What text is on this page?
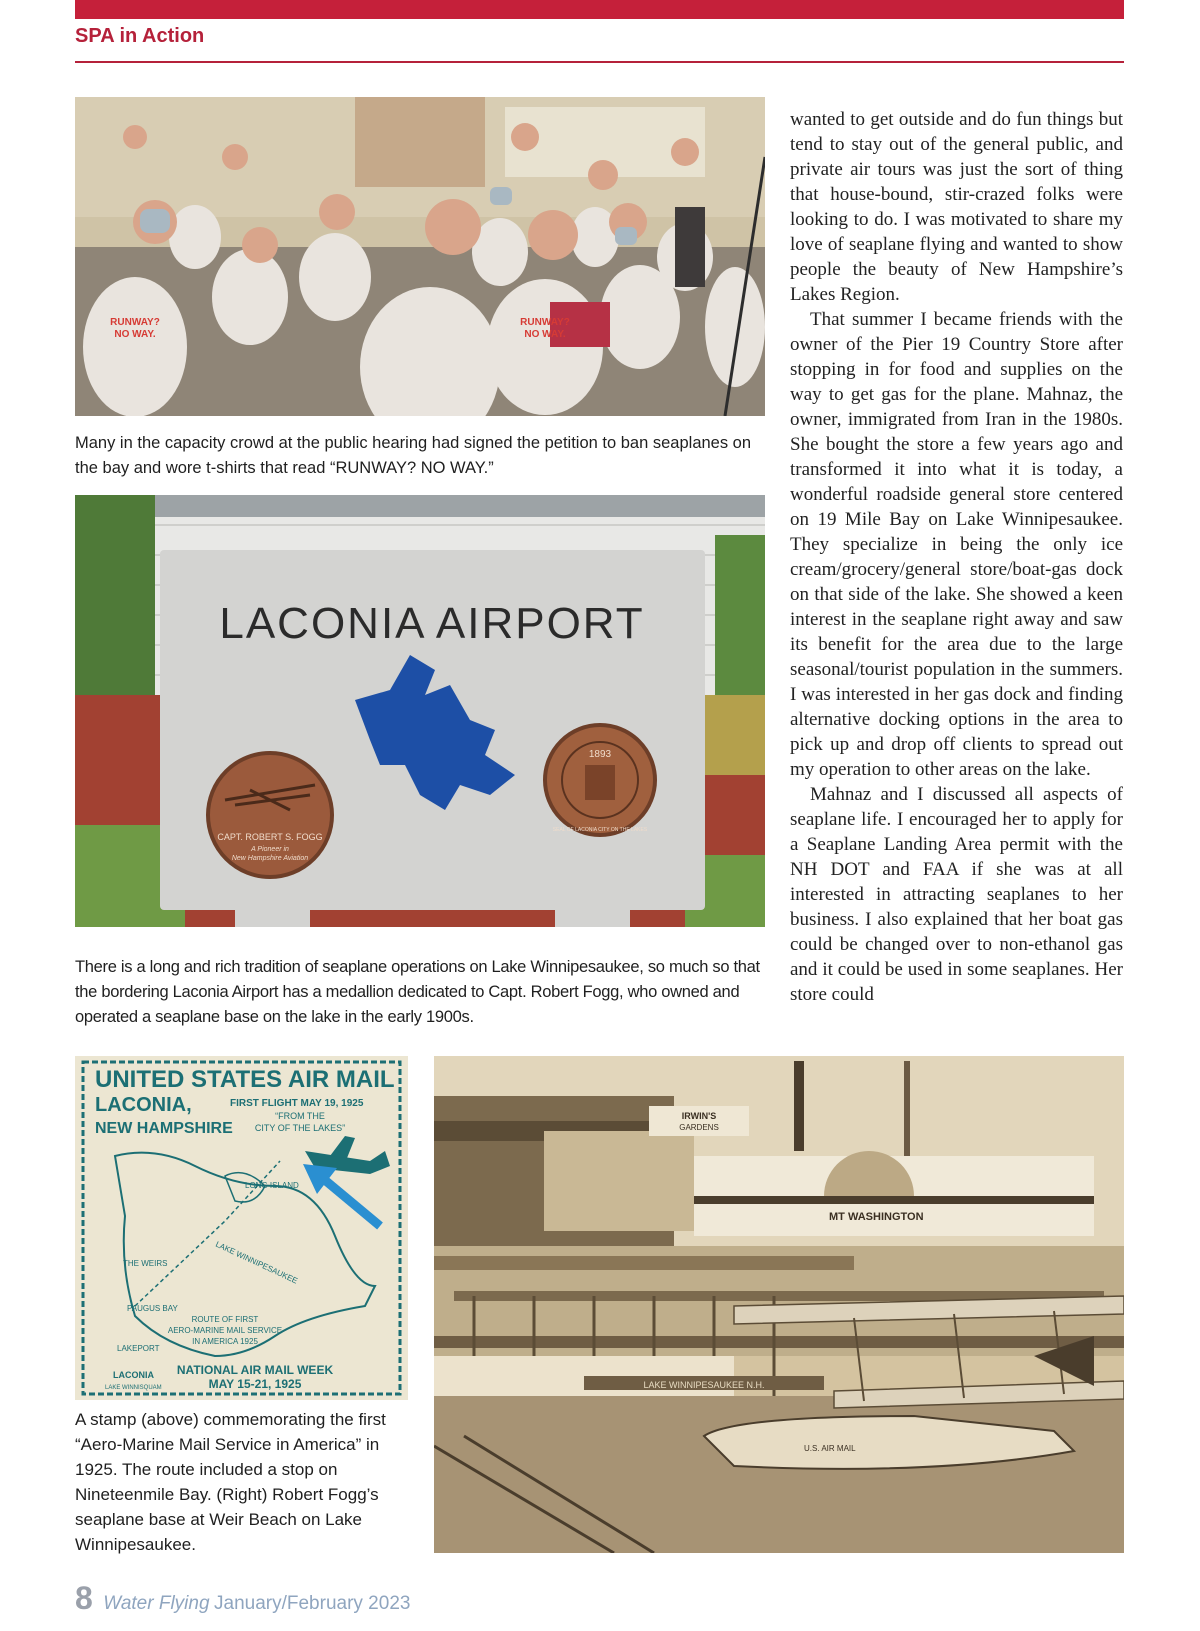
SPA in Action
RUNWAY?
NO WAY.
RUNWAY?
NO WAY.

Many in the capacity crowd at the public hearing had signed the petition to ban seaplanes on the bay and wore t-shirts that read “RUNWAY? NO WAY.”

LACONIA AIRPORT
CAPT. ROBERT S. FOGG
A Pioneer in
New Hampshire Aviation
1893
SEAL OF LACONIA CITY ON THE LAKES

There is a long and rich tradition of seaplane operations on Lake Winnipesaukee, so much so that the bordering Laconia Airport has a medallion dedicated to Capt. Robert Fogg, who owned and operated a seaplane base on the lake in the early 1900s.

wanted to get outside and do fun things but tend to stay out of the general public, and private air tours was just the sort of thing that house-bound, stir-crazed folks were looking to do. I was motivated to share my love of seaplane flying and wanted to show people the beauty of New Hampshire’s Lakes Region.

That summer I became friends with the owner of the Pier 19 Country Store after stopping in for food and supplies on the way to get gas for the plane. Mahnaz, the owner, immigrated from Iran in the 1980s. She bought the store a few years ago and transformed it into what it is today, a wonderful roadside general store centered on 19 Mile Bay on Lake Winnipesaukee. They specialize in being the only ice cream/grocery/general store/boat-gas dock on that side of the lake. She showed a keen interest in the seaplane right away and saw its benefit for the area due to the large seasonal/tourist population in the summers. I was interested in her gas dock and finding alternative docking options in the area to pick up and drop off clients to spread out my operation to other areas on the lake.

Mahnaz and I discussed all aspects of seaplane life. I encouraged her to apply for a Seaplane Landing Area permit with the NH DOT and FAA if she was at all interested in attracting seaplanes to her business. I also explained that her boat gas could be changed over to non-ethanol gas and it could be used in some seaplanes. Her store could

UNITED STATES AIR MAIL
LACONIA,
NEW HAMPSHIRE
FIRST FLIGHT MAY 19, 1925
“FROM THE
CITY OF THE LAKES”
LONG ISLAND
LAKE WINNIPESAUKEE
THE WEIRS
PAUGUS BAY
LAKEPORT
LACONIA
LAKE WINNISQUAM
ROUTE OF FIRST
AERO-MARINE MAIL SERVICE
IN AMERICA 1925
NATIONAL AIR MAIL WEEK
MAY 15-21, 1925

A stamp (above) commemorating the first “Aero-Marine Mail Service in America” in 1925. The route included a stop on Nineteenmile Bay. (Right) Robert Fogg’s seaplane base at Weir Beach on Lake Winnipesaukee.

IRWIN'S
GARDENS
MT WASHINGTON
LAKE WINNIPESAUKEE N.H.
U.S. AIR MAIL
8 Water Flying January/February 2023
